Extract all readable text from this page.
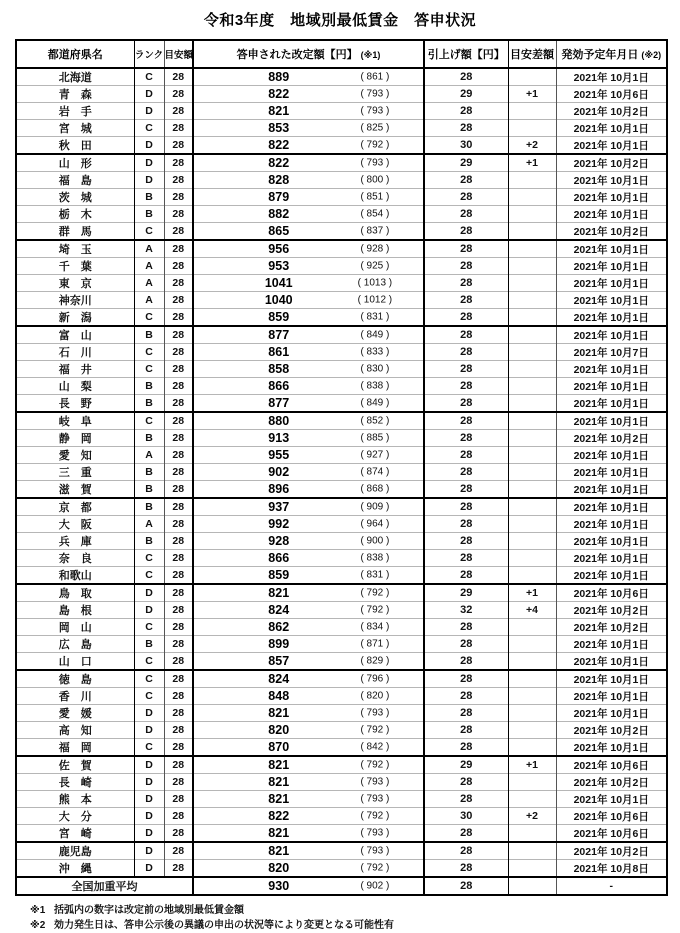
令和3年度　地域別最低賃金　答申状況
都道府県名	ランク	目安額	答申された改定額【円】 (※1)	引上げ額【円】	目安差額	発効予定年月日 (※2)
北海道	C	28	889 ( 861 )	28		2021年 10月1日
青　森	D	28	822 ( 793 )	29	+1	2021年 10月6日
岩　手	D	28	821 ( 793 )	28		2021年 10月2日
宮　城	C	28	853 ( 825 )	28		2021年 10月1日
秋　田	D	28	822 ( 792 )	30	+2	2021年 10月1日
山　形	D	28	822 ( 793 )	29	+1	2021年 10月2日
福　島	D	28	828 ( 800 )	28		2021年 10月1日
茨　城	B	28	879 ( 851 )	28		2021年 10月1日
栃　木	B	28	882 ( 854 )	28		2021年 10月1日
群　馬	C	28	865 ( 837 )	28		2021年 10月2日
埼　玉	A	28	956 ( 928 )	28		2021年 10月1日
千　葉	A	28	953 ( 925 )	28		2021年 10月1日
東　京	A	28	1041 ( 1013 )	28		2021年 10月1日
神奈川	A	28	1040 ( 1012 )	28		2021年 10月1日
新　潟	C	28	859 ( 831 )	28		2021年 10月1日
富　山	B	28	877 ( 849 )	28		2021年 10月1日
石　川	C	28	861 ( 833 )	28		2021年 10月7日
福　井	C	28	858 ( 830 )	28		2021年 10月1日
山　梨	B	28	866 ( 838 )	28		2021年 10月1日
長　野	B	28	877 ( 849 )	28		2021年 10月1日
岐　阜	C	28	880 ( 852 )	28		2021年 10月1日
静　岡	B	28	913 ( 885 )	28		2021年 10月2日
愛　知	A	28	955 ( 927 )	28		2021年 10月1日
三　重	B	28	902 ( 874 )	28		2021年 10月1日
滋　賀	B	28	896 ( 868 )	28		2021年 10月1日
京　都	B	28	937 ( 909 )	28		2021年 10月1日
大　阪	A	28	992 ( 964 )	28		2021年 10月1日
兵　庫	B	28	928 ( 900 )	28		2021年 10月1日
奈　良	C	28	866 ( 838 )	28		2021年 10月1日
和歌山	C	28	859 ( 831 )	28		2021年 10月1日
鳥　取	D	28	821 ( 792 )	29	+1	2021年 10月6日
島　根	D	28	824 ( 792 )	32	+4	2021年 10月2日
岡　山	C	28	862 ( 834 )	28		2021年 10月2日
広　島	B	28	899 ( 871 )	28		2021年 10月1日
山　口	C	28	857 ( 829 )	28		2021年 10月1日
徳　島	C	28	824 ( 796 )	28		2021年 10月1日
香　川	C	28	848 ( 820 )	28		2021年 10月1日
愛　媛	D	28	821 ( 793 )	28		2021年 10月1日
高　知	D	28	820 ( 792 )	28		2021年 10月2日
福　岡	C	28	870 ( 842 )	28		2021年 10月1日
佐　賀	D	28	821 ( 792 )	29	+1	2021年 10月6日
長　崎	D	28	821 ( 793 )	28		2021年 10月2日
熊　本	D	28	821 ( 793 )	28		2021年 10月1日
大　分	D	28	822 ( 792 )	30	+2	2021年 10月6日
宮　崎	D	28	821 ( 793 )	28		2021年 10月6日
鹿児島	D	28	821 ( 793 )	28		2021年 10月2日
沖　縄	D	28	820 ( 792 )	28		2021年 10月8日
全国加重平均			930 ( 902 )	28		-
※1 括弧内の数字は改定前の地域別最低賃金額
※2 効力発生日は、答申公示後の異議の申出の状況等により変更となる可能性有
